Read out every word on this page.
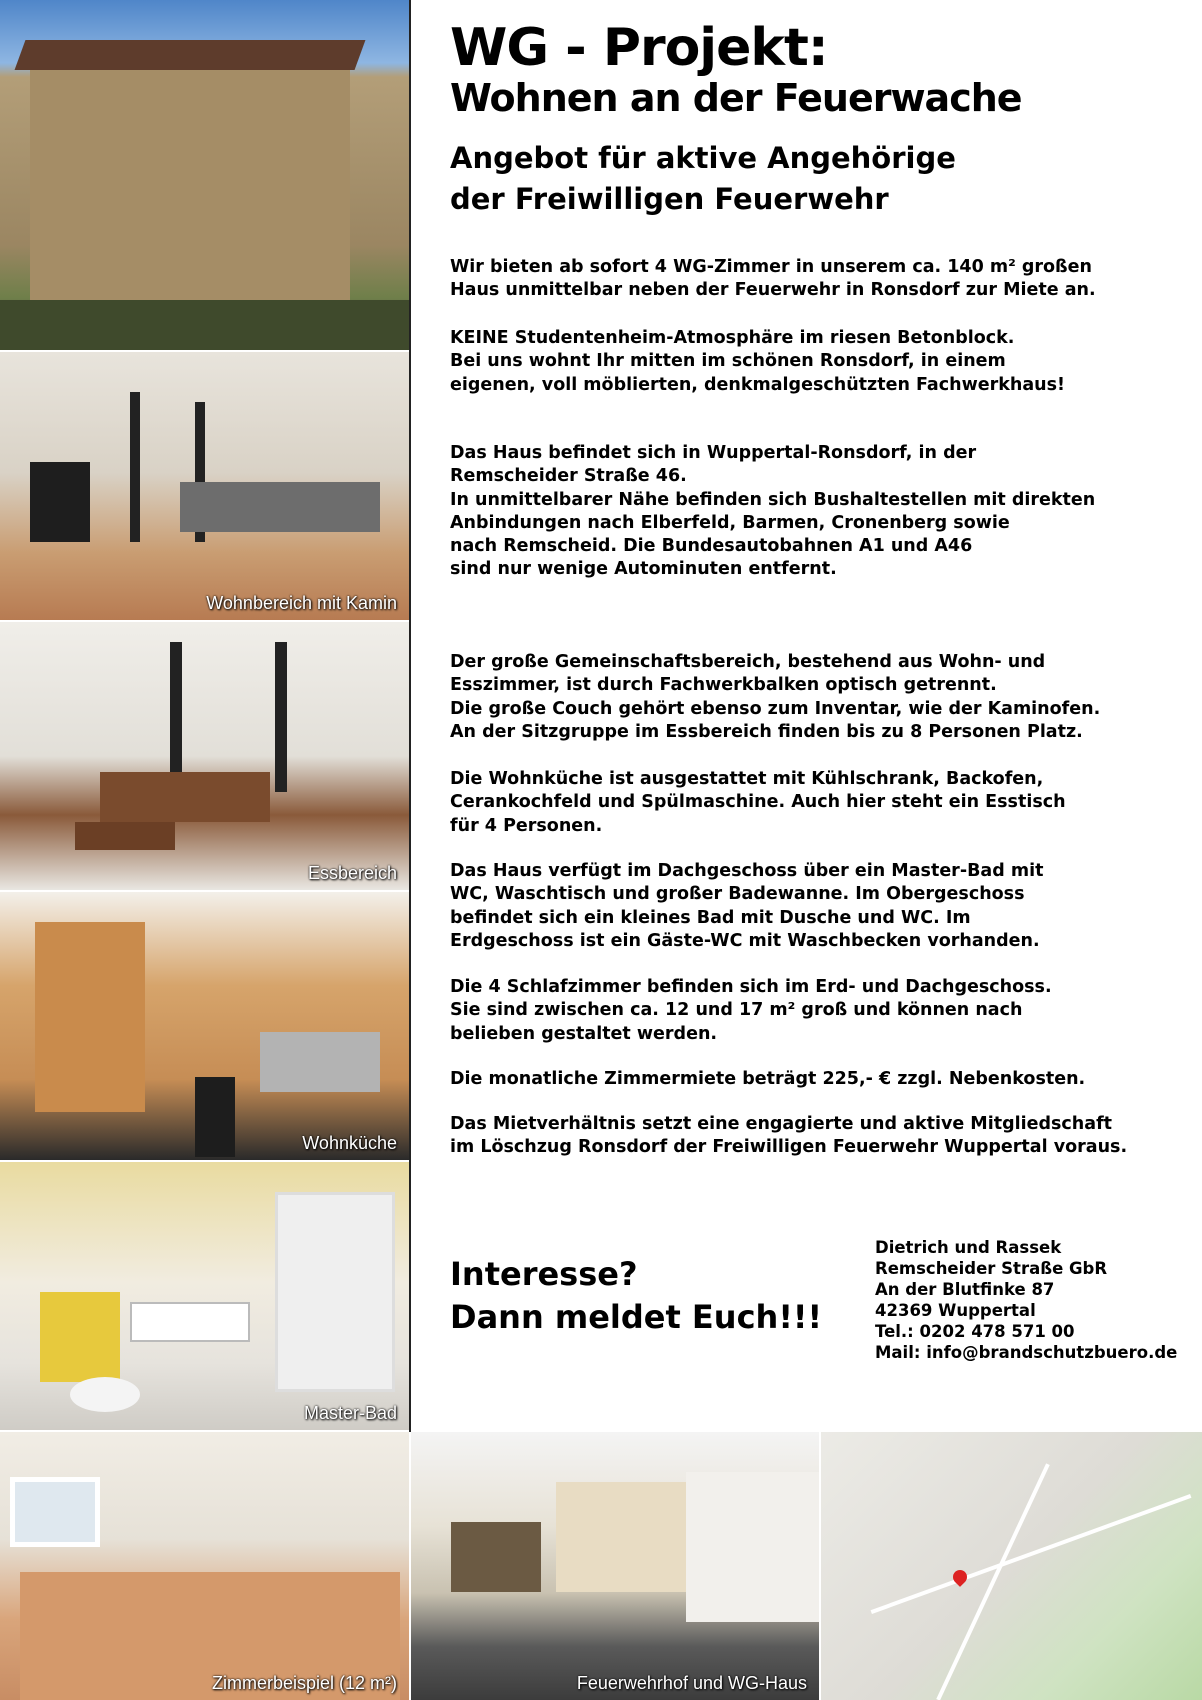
Wohnbereich mit Kamin
Essbereich
Wohnküche
Master-Bad
Zimmerbeispiel (12 m²)	Feuerwehrhof und WG-Haus
WG - Projekt:
Wohnen an der Feuerwache
Angebot für aktive Angehörige
der Freiwilligen Feuerwehr

Wir bieten ab sofort 4 WG-Zimmer in unserem ca. 140 m² großen
Haus unmittelbar neben der Feuerwehr in Ronsdorf zur Miete an.

KEINE Studentenheim-Atmosphäre im riesen Betonblock.
Bei uns wohnt Ihr mitten im schönen Ronsdorf, in einem
eigenen, voll möblierten, denkmalgeschützten Fachwerkhaus!

Das Haus befindet sich in Wuppertal-Ronsdorf, in der
Remscheider Straße 46.
In unmittelbarer Nähe befinden sich Bushaltestellen mit direkten
Anbindungen nach Elberfeld, Barmen, Cronenberg sowie
nach Remscheid. Die Bundesautobahnen A1 und A46
sind nur wenige Autominuten entfernt.

Der große Gemeinschaftsbereich, bestehend aus Wohn- und
Esszimmer, ist durch Fachwerkbalken optisch getrennt.
Die große Couch gehört ebenso zum Inventar, wie der Kaminofen.
An der Sitzgruppe im Essbereich finden bis zu 8 Personen Platz.

Die Wohnküche ist ausgestattet mit Kühlschrank, Backofen,
Cerankochfeld und Spülmaschine. Auch hier steht ein Esstisch
für 4 Personen.

Das Haus verfügt im Dachgeschoss über ein Master-Bad mit
WC, Waschtisch und großer Badewanne. Im Obergeschoss
befindet sich ein kleines Bad mit Dusche und WC. Im
Erdgeschoss ist ein Gäste-WC mit Waschbecken vorhanden.

Die 4 Schlafzimmer befinden sich im Erd- und Dachgeschoss.
Sie sind zwischen ca. 12 und 17 m² groß und können nach
belieben gestaltet werden.

Die monatliche Zimmermiete beträgt 225,- € zzgl. Nebenkosten.

Das Mietverhältnis setzt eine engagierte und aktive Mitgliedschaft
im Löschzug Ronsdorf der Freiwilligen Feuerwehr Wuppertal voraus.

Interesse?
Dann meldet Euch!!!
Dietrich und Rassek
Remscheider Straße GbR
An der Blutfinke 87
42369 Wuppertal
Tel.: 0202 478 571 00
Mail: info@brandschutzbuero.de
